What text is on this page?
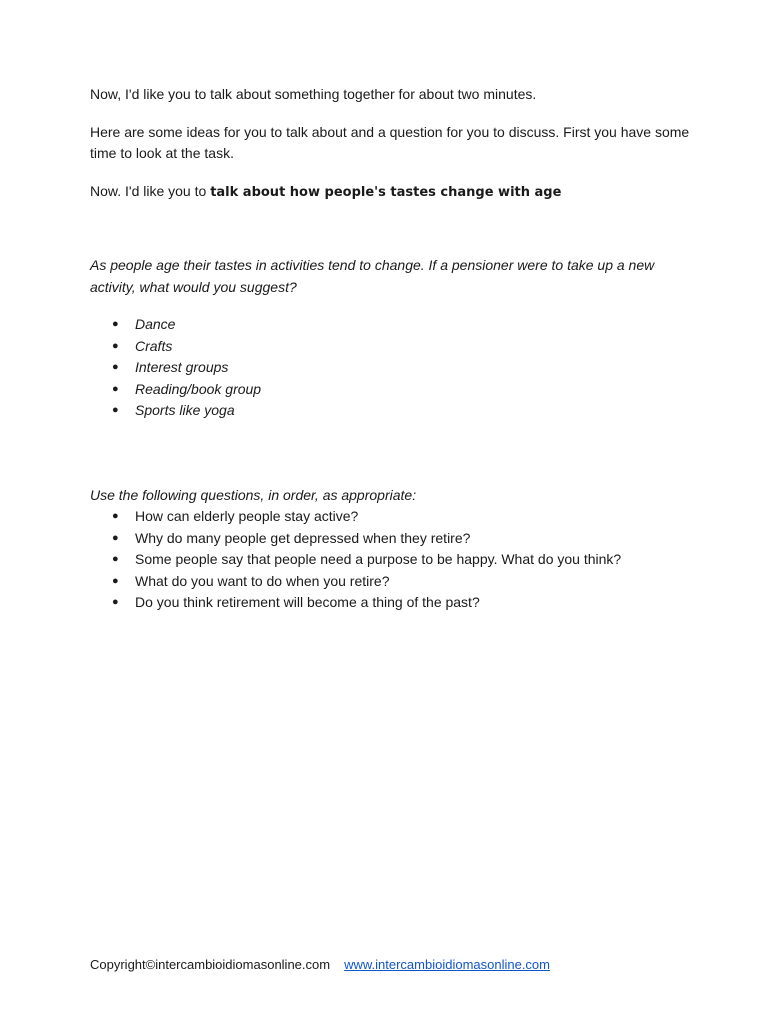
Now, I'd like you to talk about something together for about two minutes.

Here are some ideas for you to talk about and a question for you to discuss. First you have some time to look at the task.

Now. I'd like you to talk about how people's tastes change with age

As people age their tastes in activities tend to change. If a pensioner were to take up a new activity, what would you suggest?

● Dance
● Crafts
● Interest groups
● Reading/book group
● Sports like yoga

Use the following questions, in order, as appropriate:

● How can elderly people stay active?
● Why do many people get depressed when they retire?
● Some people say that people need a purpose to be happy. What do you think?
● What do you want to do when you retire?
● Do you think retirement will become a thing of the past?
Copyright©intercambioidiomasonline.com www.intercambioidiomasonline.com
